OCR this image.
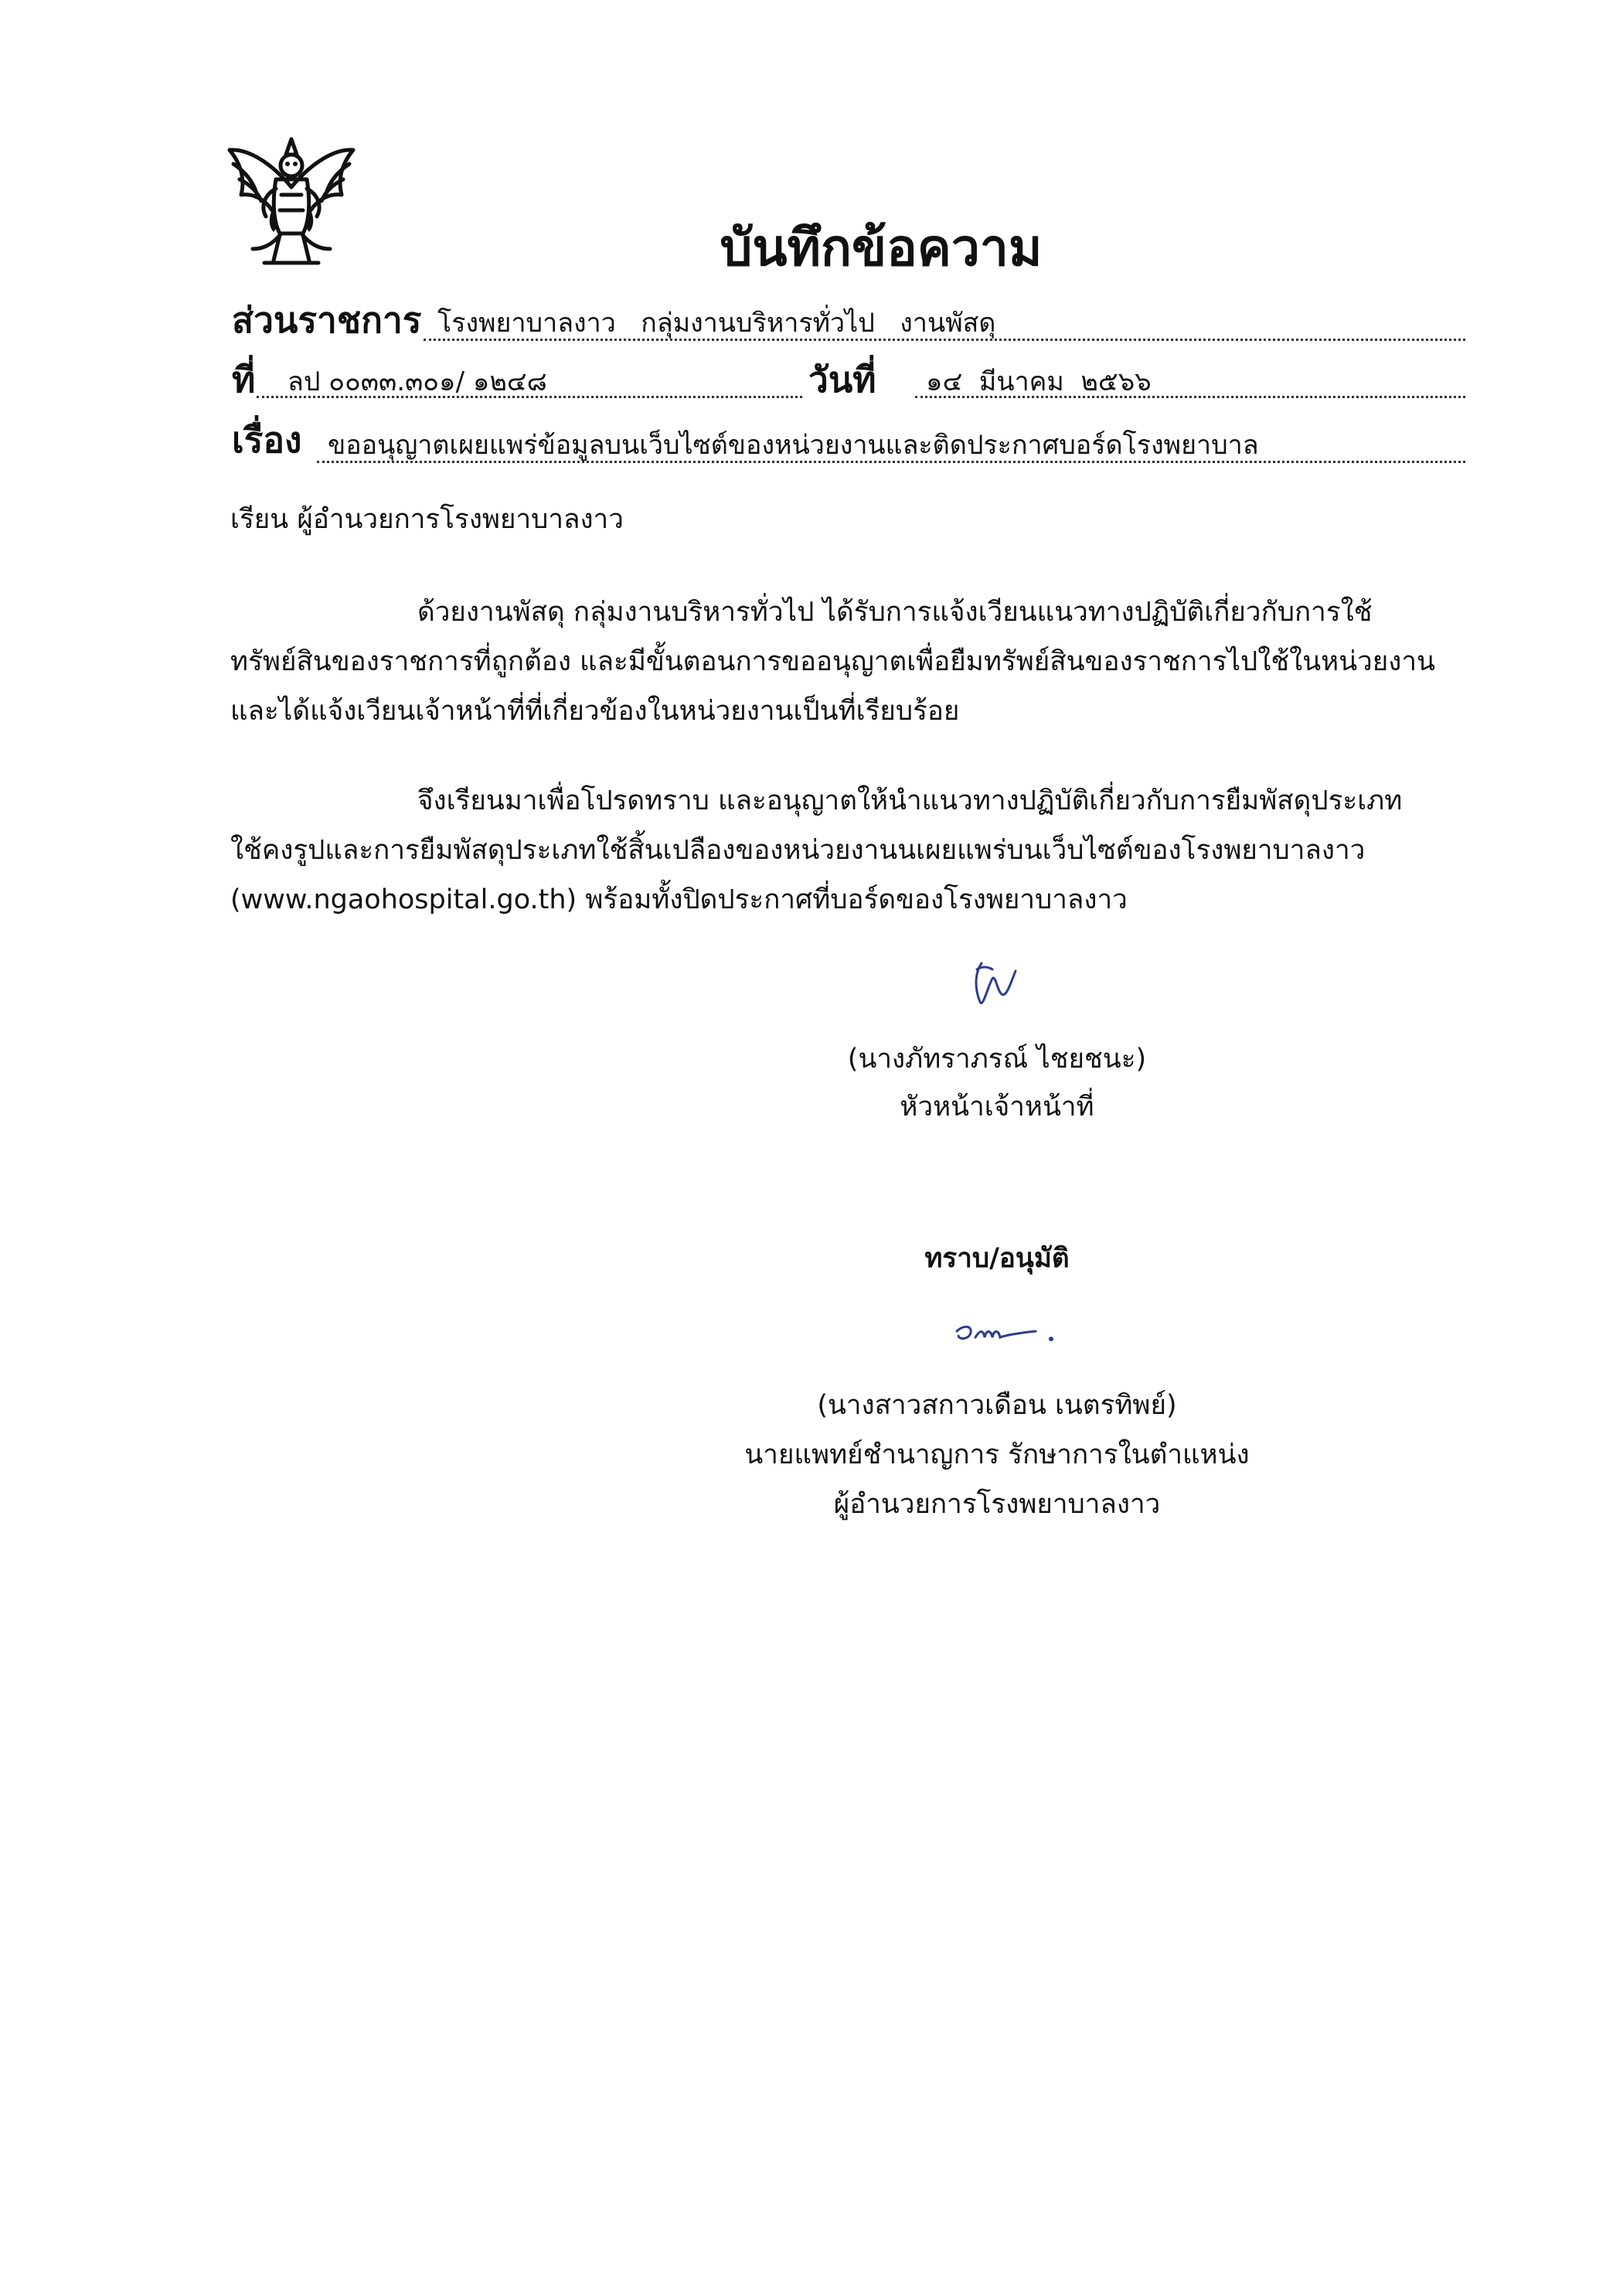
บันทึกข้อความ
ส่วนราชการ โรงพยาบาลงาว   กลุ่มงานบริหารทั่วไป   งานพัสดุ
ที่ ลป ๐๐๓๓.๓๐๑/ ๑๒๔๘	วันที่ ๑๔  มีนาคม  ๒๕๖๖
เรื่อง ขออนุญาตเผยแพร่ข้อมูลบนเว็บไซต์ของหน่วยงานและติดประกาศบอร์ดโรงพยาบาล
เรียน ผู้อำนวยการโรงพยาบาลงาว
ด้วยงานพัสดุ กลุ่มงานบริหารทั่วไป ได้รับการแจ้งเวียนแนวทางปฏิบัติเกี่ยวกับการใช้
ทรัพย์สินของราชการที่ถูกต้อง และมีขั้นตอนการขออนุญาตเพื่อยืมทรัพย์สินของราชการไปใช้ในหน่วยงาน
และได้แจ้งเวียนเจ้าหน้าที่ที่เกี่ยวข้องในหน่วยงานเป็นที่เรียบร้อย
จึงเรียนมาเพื่อโปรดทราบ และอนุญาตให้นำแนวทางปฏิบัติเกี่ยวกับการยืมพัสดุประเภท
ใช้คงรูปและการยืมพัสดุประเภทใช้สิ้นเปลืองของหน่วยงานนเผยแพร่บนเว็บไซต์ของโรงพยาบาลงาว
(www.ngaohospital.go.th) พร้อมทั้งปิดประกาศที่บอร์ดของโรงพยาบาลงาว
(นางภัทราภรณ์ ไชยชนะ)
หัวหน้าเจ้าหน้าที่
ทราบ/อนุมัติ
(นางสาวสกาวเดือน เนตรทิพย์)
นายแพทย์ชำนาญการ รักษาการในตำแหน่ง
ผู้อำนวยการโรงพยาบาลงาว
